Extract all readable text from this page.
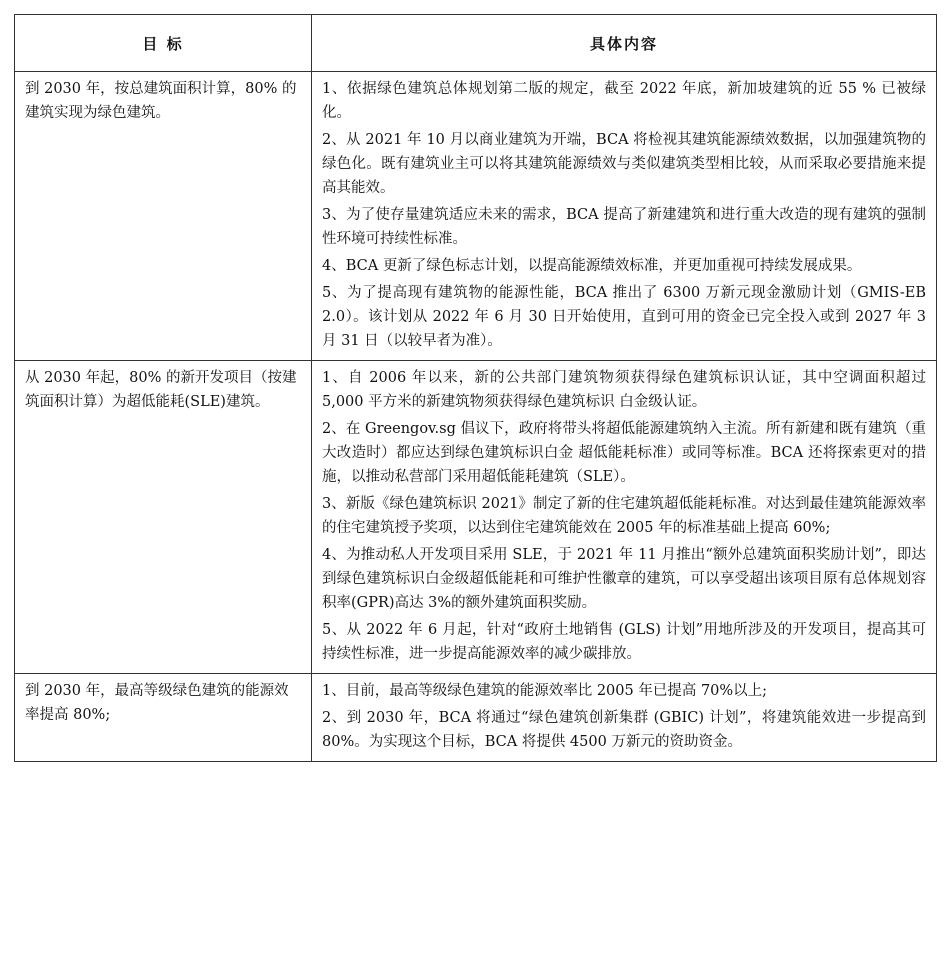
目 标	具体内容
到 2030 年，按总建筑面积计算，80% 的建筑实现为绿色建筑。	1、依据绿色建筑总体规划第二版的规定，截至 2022 年底，新加坡建筑的近 55 % 已被绿化。

2、从 2021 年 10 月以商业建筑为开端，BCA 将检视其建筑能源绩效数据，以加强建筑物的绿色化。既有建筑业主可以将其建筑能源绩效与类似建筑类型相比较，从而采取必要措施来提高其能效。

3、为了使存量建筑适应未来的需求，BCA 提高了新建建筑和进行重大改造的现有建筑的强制性环境可持续性标准。

4、BCA 更新了绿色标志计划，以提高能源绩效标准，并更加重视可持续发展成果。

5、为了提高现有建筑物的能源性能，BCA 推出了 6300 万新元现金激励计划（GMIS-EB 2.0）。该计划从 2022 年 6 月 30 日开始使用，直到可用的资金已完全投入或到 2027 年 3 月 31 日（以较早者为准）。

从 2030 年起，80% 的新开发项目（按建筑面积计算）为超低能耗(SLE)建筑。	1、自 2006 年以来，新的公共部门建筑物须获得绿色建筑标识认证，其中空调面积超过 5,000 平方米的新建筑物须获得绿色建筑标识 白金级认证。

2、在 Greengov.sg 倡议下，政府将带头将超低能源建筑纳入主流。所有新建和既有建筑（重大改造时）都应达到绿色建筑标识白金 超低能耗标准）或同等标准。BCA 还将探索更对的措施，以推动私营部门采用超低能耗建筑（SLE）。

3、新版《绿色建筑标识 2021》制定了新的住宅建筑超低能耗标准。对达到最佳建筑能源效率的住宅建筑授予奖项，以达到住宅建筑能效在 2005 年的标准基础上提高 60%;

4、为推动私人开发项目采用 SLE，于 2021 年 11 月推出“额外总建筑面积奖励计划”，即达到绿色建筑标识白金级超低能耗和可维护性徽章的建筑，可以享受超出该项目原有总体规划容积率(GPR)高达 3%的额外建筑面积奖励。

5、从 2022 年 6 月起，针对“政府土地销售 (GLS) 计划”用地所涉及的开发项目，提高其可持续性标准，进一步提高能源效率的减少碳排放。

到 2030 年，最高等级绿色建筑的能源效率提高 80%;	1、目前，最高等级绿色建筑的能源效率比 2005 年已提高 70%以上;

2、到 2030 年，BCA 将通过“绿色建筑创新集群 (GBIC) 计划”，将建筑能效进一步提高到 80%。为实现这个目标，BCA 将提供 4500 万新元的资助资金。
